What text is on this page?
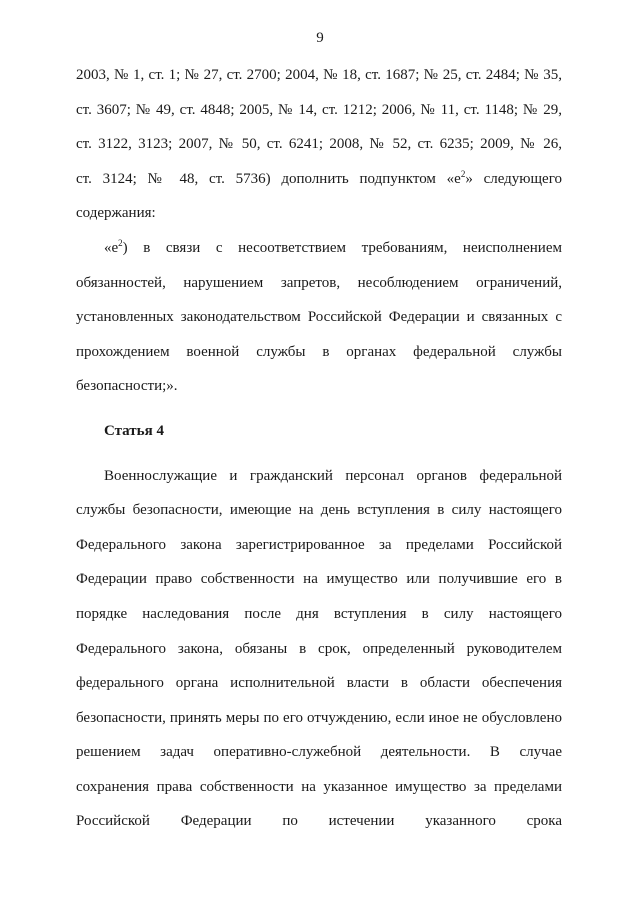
9
2003, № 1, ст. 1; № 27, ст. 2700; 2004, № 18, ст. 1687; № 25, ст. 2484; № 35,
ст. 3607; № 49, ст. 4848; 2005, № 14, ст. 1212; 2006, № 11, ст. 1148; № 29,
ст. 3122, 3123; 2007, № 50, ст. 6241; 2008, № 52, ст. 6235; 2009, № 26,
ст. 3124; № 48, ст. 5736) дополнить подпунктом «$е^2$» следующего
содержания:
«$е^2$) в связи с несоответствием требованиям, неисполнением
обязанностей, нарушением запретов, несоблюдением ограничений,
установленных законодательством Российской Федерации и связанных с
прохождением военной службы в органах федеральной службы
безопасности;».
Статья 4
Военнослужащие и гражданский персонал органов федеральной
службы безопасности, имеющие на день вступления в силу настоящего
Федерального закона зарегистрированное за пределами Российской
Федерации право собственности на имущество или получившие его в
порядке наследования после дня вступления в силу настоящего
Федерального закона, обязаны в срок, определенный руководителем
федерального органа исполнительной власти в области обеспечения
безопасности, принять меры по его отчуждению, если иное не обусловлено
решением задач оперативно-служебной деятельности. В случае
сохранения права собственности на указанное имущество за пределами
Российской Федерации по истечении указанного срока
